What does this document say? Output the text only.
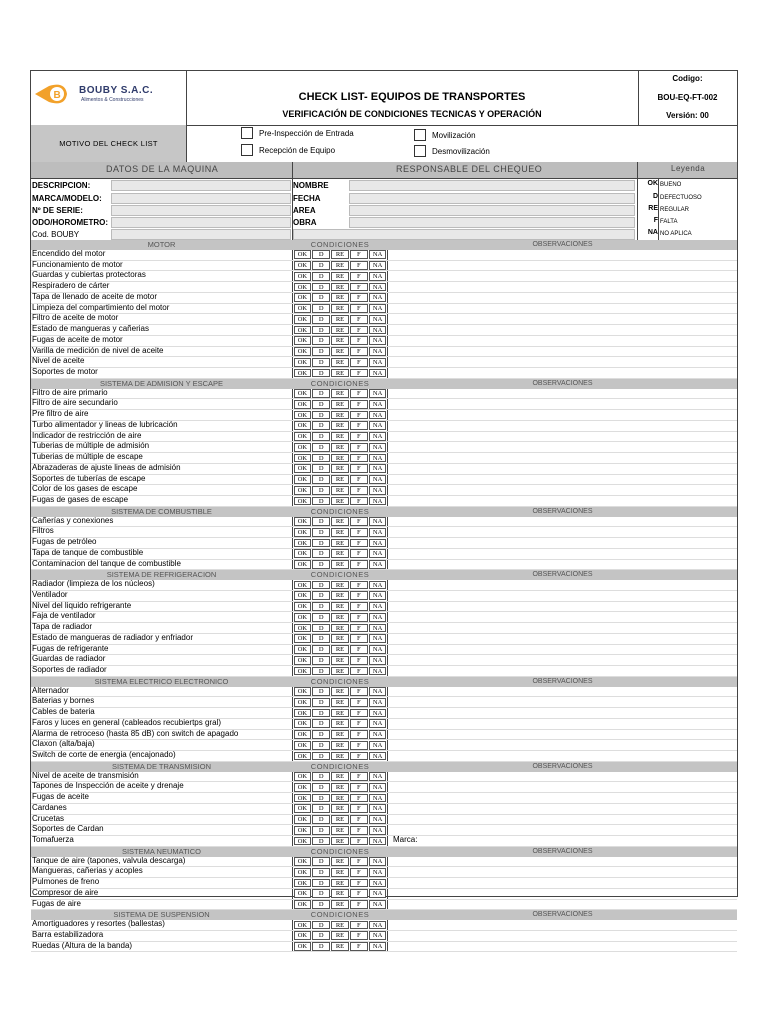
B BOUBY S.A.C.
Alimentos & Construcciones	CHECK LIST- EQUIPOS DE TRANSPORTES
VERIFICACIÓN DE CONDICIONES TECNICAS Y OPERACIÓN
Codigo:
BOU-EQ-FT-002
Versión: 00
MOTIVO DEL CHECK LIST
Pre-Inspección de Entrada
Recepción de Equipo
Movilización
Desmovilización
DATOS DE LA MAQUINA	RESPONSABLE DEL CHEQUEO	Leyenda
DESCRIPCION:	NOMBRE
MARCA/MODELO:	FECHA
Nº DE SERIE:	AREA
ODO/HOROMETRO:	OBRA
Cod. BOUBY
OK BUENO
D DEFECTUOSO
RE REGULAR
F FALTA
NA NO APLICA
MOTOR	CONDICIONES	OBSERVACIONES
Encendido del motor	OK	D	RE	F	NA
Funcionamiento de motor	OK	D	RE	F	NA
Guardas y cubiertas protectoras	OK	D	RE	F	NA
Respiradero de cárter	OK	D	RE	F	NA
Tapa de llenado de aceite de motor	OK	D	RE	F	NA
Limpieza del compartimiento del motor	OK	D	RE	F	NA
Filtro de aceite de motor	OK	D	RE	F	NA
Estado de mangueras y cañerias	OK	D	RE	F	NA
Fugas de aceite de motor	OK	D	RE	F	NA
Varilla de medición de nivel de aceite	OK	D	RE	F	NA
Nivel de aceite	OK	D	RE	F	NA
Soportes de motor	OK	D	RE	F	NA
SISTEMA DE ADMISION Y ESCAPE	CONDICIONES	OBSERVACIONES
Filtro de aire primario	OK	D	RE	F	NA
Filtro de aire secundario	OK	D	RE	F	NA
Pre filtro de aire	OK	D	RE	F	NA
Turbo alimentador y lineas de lubricación	OK	D	RE	F	NA
Indicador de restricción de aire	OK	D	RE	F	NA
Tuberias de múltiple de admisión	OK	D	RE	F	NA
Tuberias de múltiple de escape	OK	D	RE	F	NA
Abrazaderas de ajuste lineas de admisión	OK	D	RE	F	NA
Soportes de tuberías de escape	OK	D	RE	F	NA
Color de los gases de escape	OK	D	RE	F	NA
Fugas de gases de escape	OK	D	RE	F	NA
SISTEMA DE COMBUSTIBLE	CONDICIONES	OBSERVACIONES
Cañerías y conexiones	OK	D	RE	F	NA
Filtros	OK	D	RE	F	NA
Fugas de petróleo	OK	D	RE	F	NA
Tapa de tanque de combustible	OK	D	RE	F	NA
Contaminacion del tanque de combustible	OK	D	RE	F	NA
SISTEMA DE REFRIGERACION	CONDICIONES	OBSERVACIONES
Radiador (limpieza de los núcleos)	OK	D	RE	F	NA
Ventilador	OK	D	RE	F	NA
Nivel del liquido refrigerante	OK	D	RE	F	NA
Faja de ventilador	OK	D	RE	F	NA
Tapa de radiador	OK	D	RE	F	NA
Estado de mangueras de radiador y enfriador	OK	D	RE	F	NA
Fugas de refrigerante	OK	D	RE	F	NA
Guardas de radiador	OK	D	RE	F	NA
Soportes de radiador	OK	D	RE	F	NA
SISTEMA ELECTRICO ELECTRONICO	CONDICIONES	OBSERVACIONES
Alternador	OK	D	RE	F	NA
Baterias y bornes	OK	D	RE	F	NA
Cables de bateria	OK	D	RE	F	NA
Faros y luces en general (cableados recubiertps gral)	OK	D	RE	F	NA
Alarma de retroceso (hasta 85 dB) con switch de apagado	OK	D	RE	F	NA
Claxon (alta/baja)	OK	D	RE	F	NA
Switch de corte de energia (encajonado)	OK	D	RE	F	NA
SISTEMA DE TRANSMISION	CONDICIONES	OBSERVACIONES
Nivel de aceite de transmisión	OK	D	RE	F	NA
Tapones de Inspección de aceite y drenaje	OK	D	RE	F	NA
Fugas de aceite	OK	D	RE	F	NA
Cardanes	OK	D	RE	F	NA
Crucetas	OK	D	RE	F	NA
Soportes de Cardan	OK	D	RE	F	NA
Tomafuerza	OK	D	RE	F	NA	Marca:
SISTEMA NEUMATICO	CONDICIONES	OBSERVACIONES
Tanque de aire (tapones, valvula descarga)	OK	D	RE	F	NA
Mangueras, cañerias y acoples	OK	D	RE	F	NA
Pulmones de freno	OK	D	RE	F	NA
Compresor de aire	OK	D	RE	F	NA
Fugas de aire	OK	D	RE	F	NA
SISTEMA DE SUSPENSION	CONDICIONES	OBSERVACIONES
Amortiguadores y resortes (ballestas)	OK	D	RE	F	NA
Barra estabilizadora	OK	D	RE	F	NA
Ruedas (Altura de la banda)	OK	D	RE	F	NA
